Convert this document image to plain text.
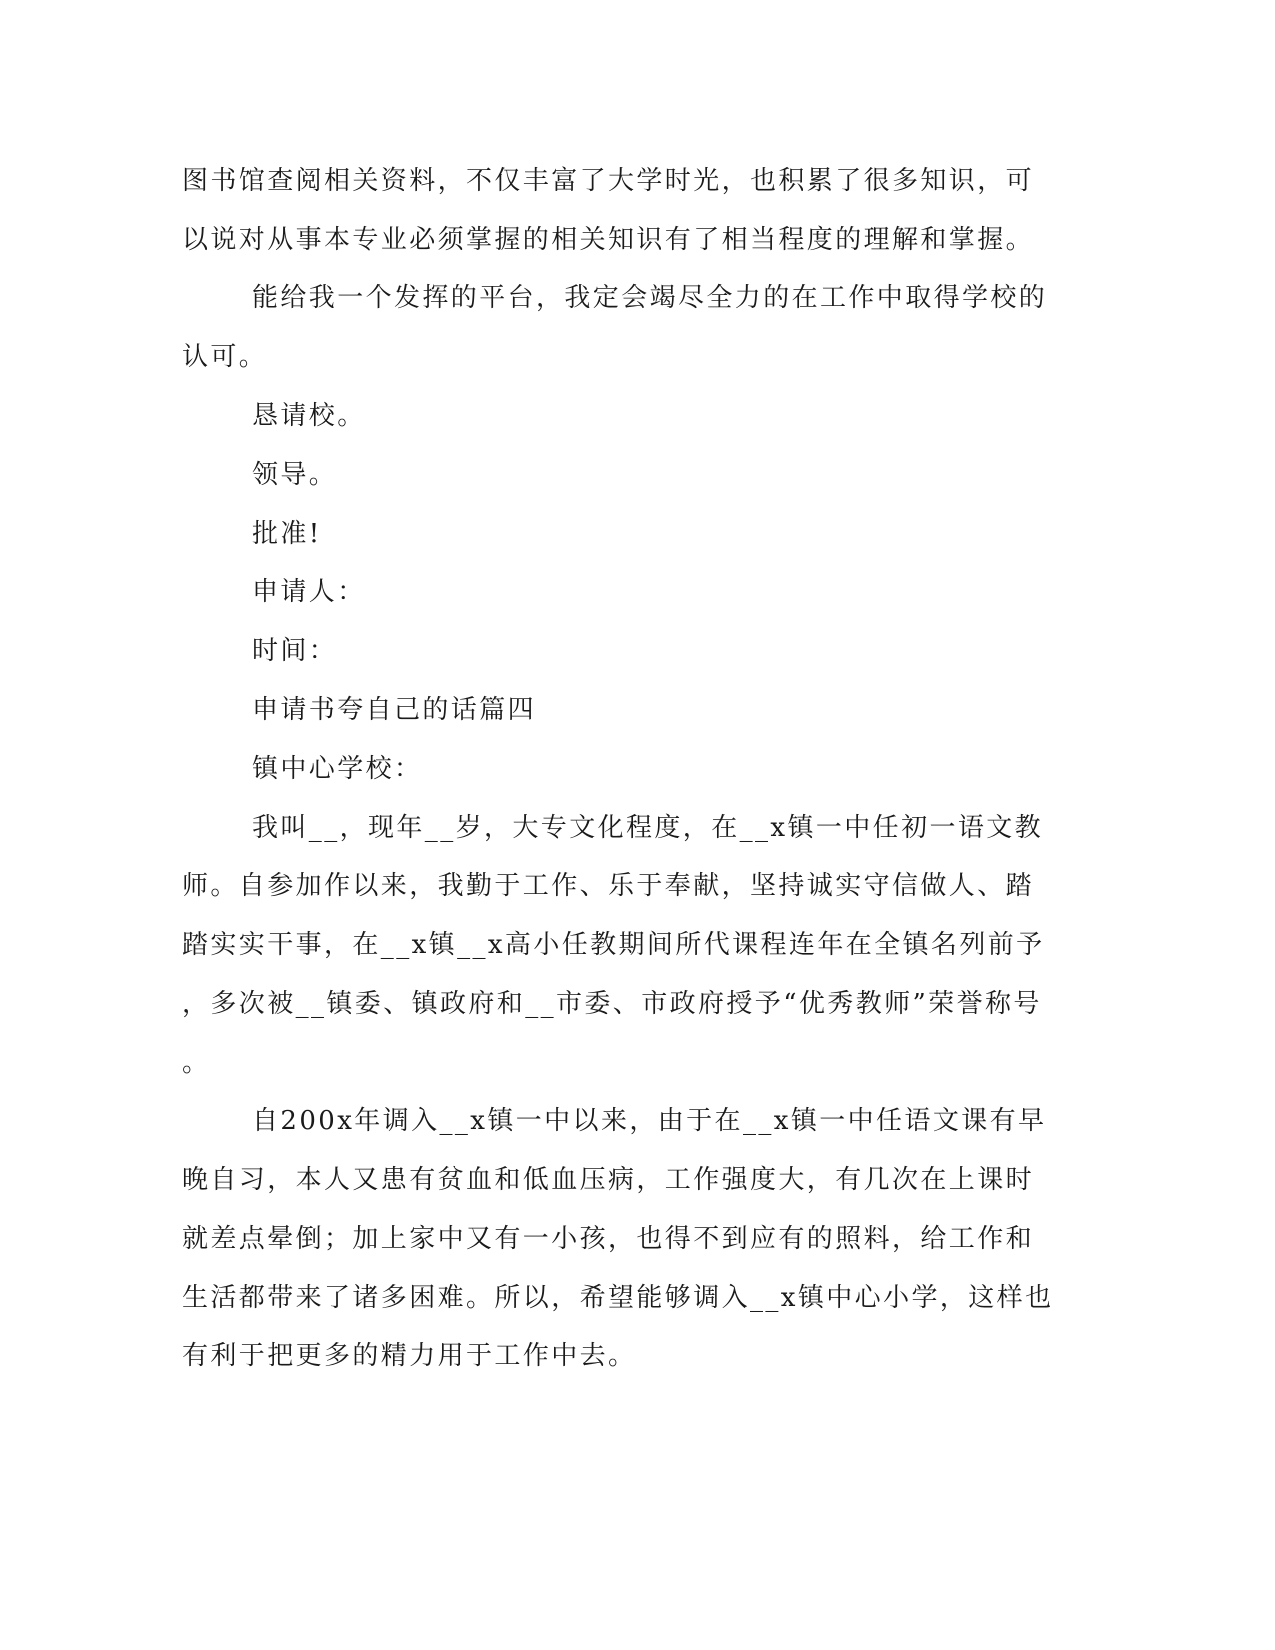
图书馆查阅相关资料，不仅丰富了大学时光，也积累了很多知识，可
以说对从事本专业必须掌握的相关知识有了相当程度的理解和掌握。
能给我一个发挥的平台，我定会竭尽全力的在工作中取得学校的
认可。
恳请校。
领导。
批准!
申请人：
时间：
申请书夸自己的话篇四
镇中心学校：
我叫__，现年__岁，大专文化程度，在__x镇一中任初一语文教
师。自参加作以来，我勤于工作、乐于奉献，坚持诚实守信做人、踏
踏实实干事，在__x镇__x高小任教期间所代课程连年在全镇名列前予
，多次被__镇委、镇政府和__市委、市政府授予“优秀教师”荣誉称号
。
自200x年调入__x镇一中以来，由于在__x镇一中任语文课有早
晚自习，本人又患有贫血和低血压病，工作强度大，有几次在上课时
就差点晕倒；加上家中又有一小孩，也得不到应有的照料，给工作和
生活都带来了诸多困难。所以，希望能够调入__x镇中心小学，这样也
有利于把更多的精力用于工作中去。
